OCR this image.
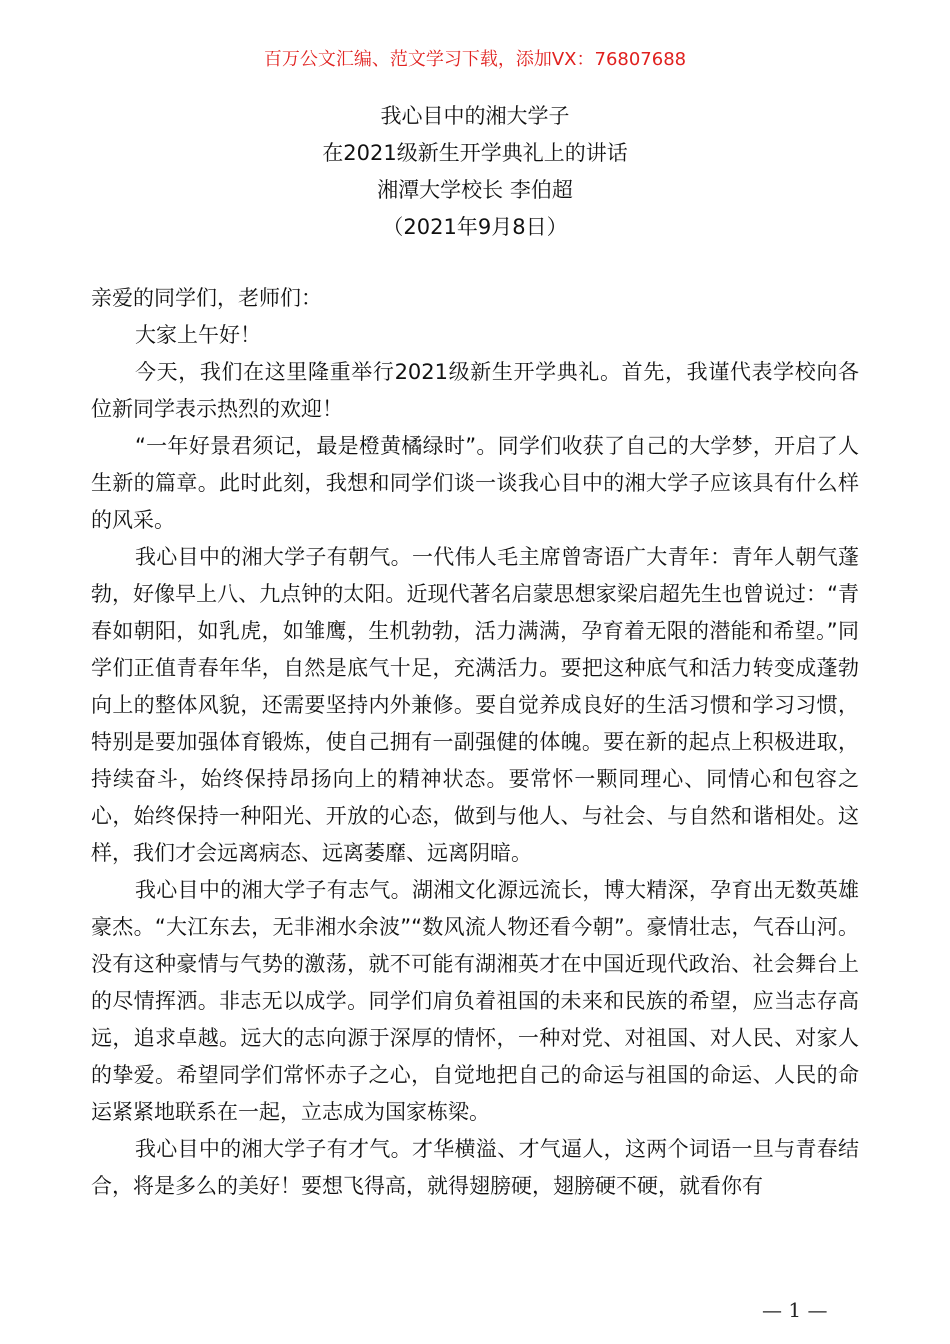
百万公文汇编、范文学习下载，添加VX：76807688
我心目中的湘大学子
在2021级新生开学典礼上的讲话
湘潭大学校长 李伯超
（2021年9月8日）

亲爱的同学们，老师们：

大家上午好！

今天，我们在这里隆重举行2021级新生开学典礼。首先，我谨代表学校向各位新同学表示热烈的欢迎！

“一年好景君须记，最是橙黄橘绿时”。同学们收获了自己的大学梦，开启了人生新的篇章。此时此刻，我想和同学们谈一谈我心目中的湘大学子应该具有什么样的风采。

我心目中的湘大学子有朝气。一代伟人毛主席曾寄语广大青年：青年人朝气蓬勃，好像早上八、九点钟的太阳。近现代著名启蒙思想家梁启超先生也曾说过：“青春如朝阳，如乳虎，如雏鹰，生机勃勃，活力满满，孕育着无限的潜能和希望。”同学们正值青春年华，自然是底气十足，充满活力。要把这种底气和活力转变成蓬勃向上的整体风貌，还需要坚持内外兼修。要自觉养成良好的生活习惯和学习习惯，特别是要加强体育锻炼，使自己拥有一副强健的体魄。要在新的起点上积极进取，持续奋斗，始终保持昂扬向上的精神状态。要常怀一颗同理心、同情心和包容之心，始终保持一种阳光、开放的心态，做到与他人、与社会、与自然和谐相处。这样，我们才会远离病态、远离萎靡、远离阴暗。

我心目中的湘大学子有志气。湖湘文化源远流长，博大精深，孕育出无数英雄豪杰。“大江东去，无非湘水余波”“数风流人物还看今朝”。豪情壮志，气吞山河。没有这种豪情与气势的激荡，就不可能有湖湘英才在中国近现代政治、社会舞台上的尽情挥洒。非志无以成学。同学们肩负着祖国的未来和民族的希望，应当志存高远，追求卓越。远大的志向源于深厚的情怀，一种对党、对祖国、对人民、对家人的挚爱。希望同学们常怀赤子之心，自觉地把自己的命运与祖国的命运、人民的命运紧紧地联系在一起，立志成为国家栋梁。

我心目中的湘大学子有才气。才华横溢、才气逼人，这两个词语一旦与青春结合，将是多么的美好！要想飞得高，就得翅膀硬，翅膀硬不硬，就看你有

— 1 —
